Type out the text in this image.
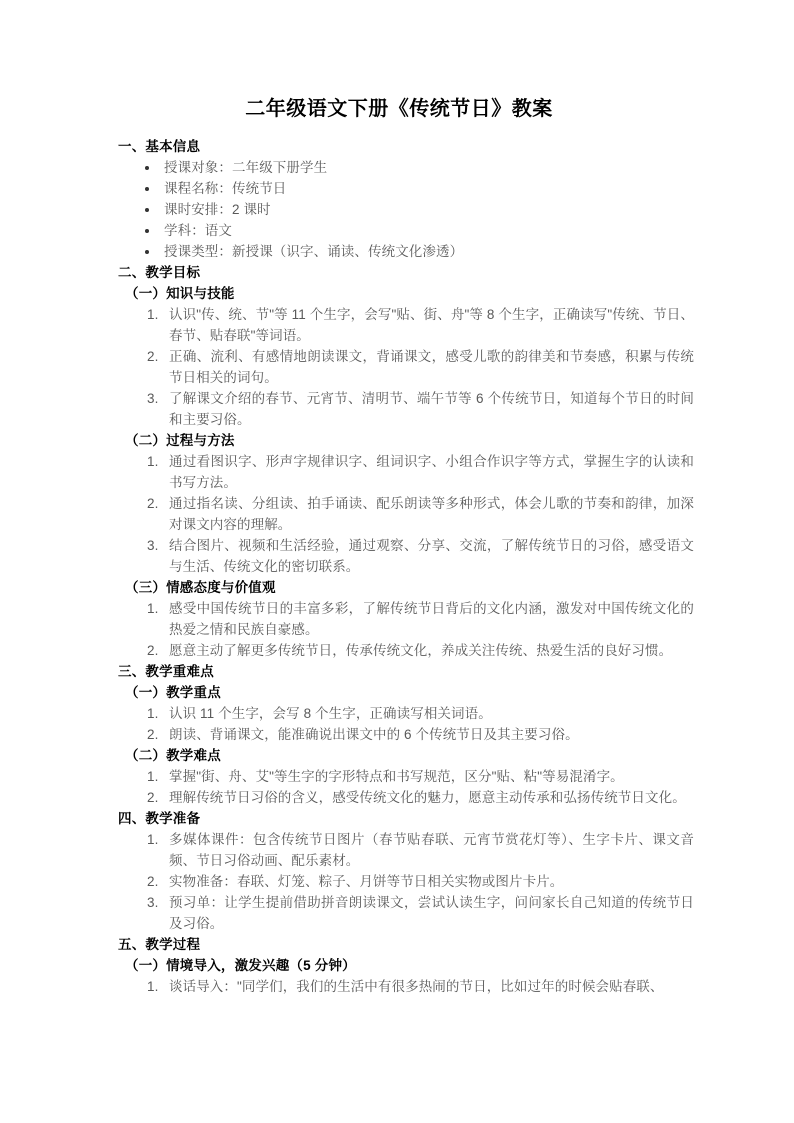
二年级语文下册《传统节日》教案
一、基本信息
授课对象：二年级下册学生
课程名称：传统节日
课时安排：2 课时
学科：语文
授课类型：新授课（识字、诵读、传统文化渗透）
二、教学目标
（一）知识与技能
认识"传、统、节"等 11 个生字，会写"贴、街、舟"等 8 个生字，正确读写"传统、节日、春节、贴春联"等词语。
正确、流利、有感情地朗读课文，背诵课文，感受儿歌的韵律美和节奏感，积累与传统节日相关的词句。
了解课文介绍的春节、元宵节、清明节、端午节等 6 个传统节日，知道每个节日的时间和主要习俗。
（二）过程与方法
通过看图识字、形声字规律识字、组词识字、小组合作识字等方式，掌握生字的认读和书写方法。
通过指名读、分组读、拍手诵读、配乐朗读等多种形式，体会儿歌的节奏和韵律，加深对课文内容的理解。
结合图片、视频和生活经验，通过观察、分享、交流，了解传统节日的习俗，感受语文与生活、传统文化的密切联系。
（三）情感态度与价值观
感受中国传统节日的丰富多彩，了解传统节日背后的文化内涵，激发对中国传统文化的热爱之情和民族自豪感。
愿意主动了解更多传统节日，传承传统文化，养成关注传统、热爱生活的良好习惯。
三、教学重难点
（一）教学重点
认识 11 个生字，会写 8 个生字，正确读写相关词语。
朗读、背诵课文，能准确说出课文中的 6 个传统节日及其主要习俗。
（二）教学难点
掌握"街、舟、艾"等生字的字形特点和书写规范，区分"贴、粘"等易混淆字。
理解传统节日习俗的含义，感受传统文化的魅力，愿意主动传承和弘扬传统节日文化。
四、教学准备
多媒体课件：包含传统节日图片（春节贴春联、元宵节赏花灯等）、生字卡片、课文音频、节日习俗动画、配乐素材。
实物准备：春联、灯笼、粽子、月饼等节日相关实物或图片卡片。
预习单：让学生提前借助拼音朗读课文，尝试认读生字，问问家长自己知道的传统节日及习俗。
五、教学过程
（一）情境导入，激发兴趣（5 分钟）
谈话导入："同学们，我们的生活中有很多热闹的节日，比如过年的时候会贴春联、
